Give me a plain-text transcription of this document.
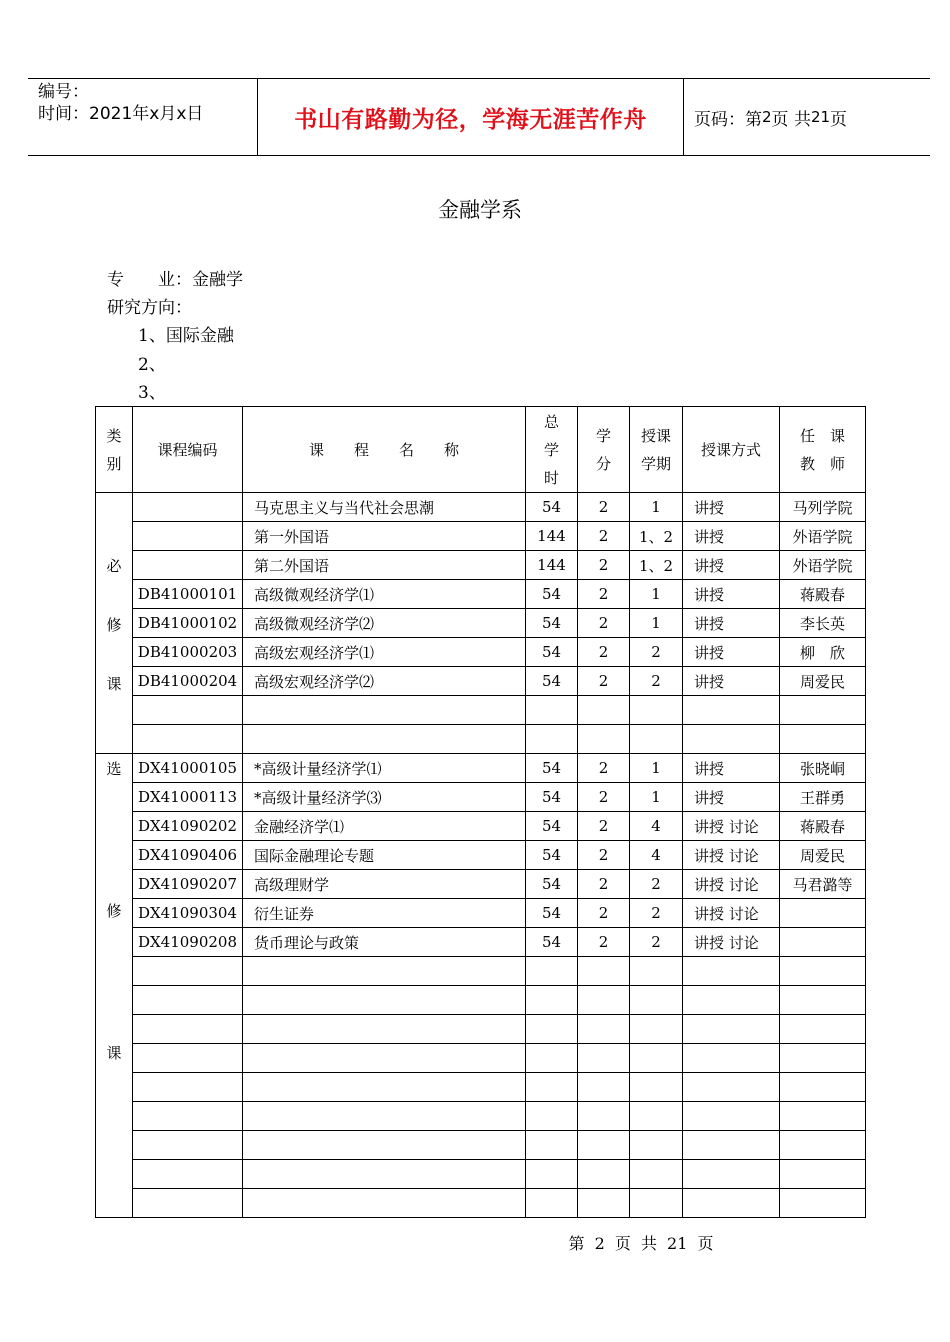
编号：
时间：2021年x月x日	书山有路勤为径，学海无涯苦作舟	页码：第 2 页 共 21 页
金融学系
专　　业：金融学
研究方向：
1、国际金融
2、
3、
类别	课程编码	课　　程　　名　　称	总学时	学分	授课学期	授课方式	任　课教　师

必
修
课		马克思主义与当代社会思潮	54	2	1	讲授	马列学院
		第一外国语	144	2	1、2	讲授	外语学院
		第二外国语	144	2	1、2	讲授	外语学院
	DB41000101	高级微观经济学⑴	54	2	1	讲授	蒋殿春
	DB41000102	高级微观经济学⑵	54	2	1	讲授	李长英
	DB41000203	高级宏观经济学⑴	54	2	2	讲授	柳　欣
	DB41000204	高级宏观经济学⑵	54	2	2	讲授	周爱民

选
修
课	DX41000105	*高级计量经济学⑴	54	2	1	讲授	张晓峒
	DX41000113	*高级计量经济学⑶	54	2	1	讲授	王群勇
	DX41090202	金融经济学⑴	54	2	4	讲授 讨论	蒋殿春
	DX41090406	国际金融理论专题	54	2	4	讲授 讨论	周爱民
	DX41090207	高级理财学	54	2	2	讲授 讨论	马君潞等
	DX41090304	衍生证券	54	2	2	讲授 讨论	
	DX41090208	货币理论与政策	54	2	2	讲授 讨论	

第 2 页 共 21 页
